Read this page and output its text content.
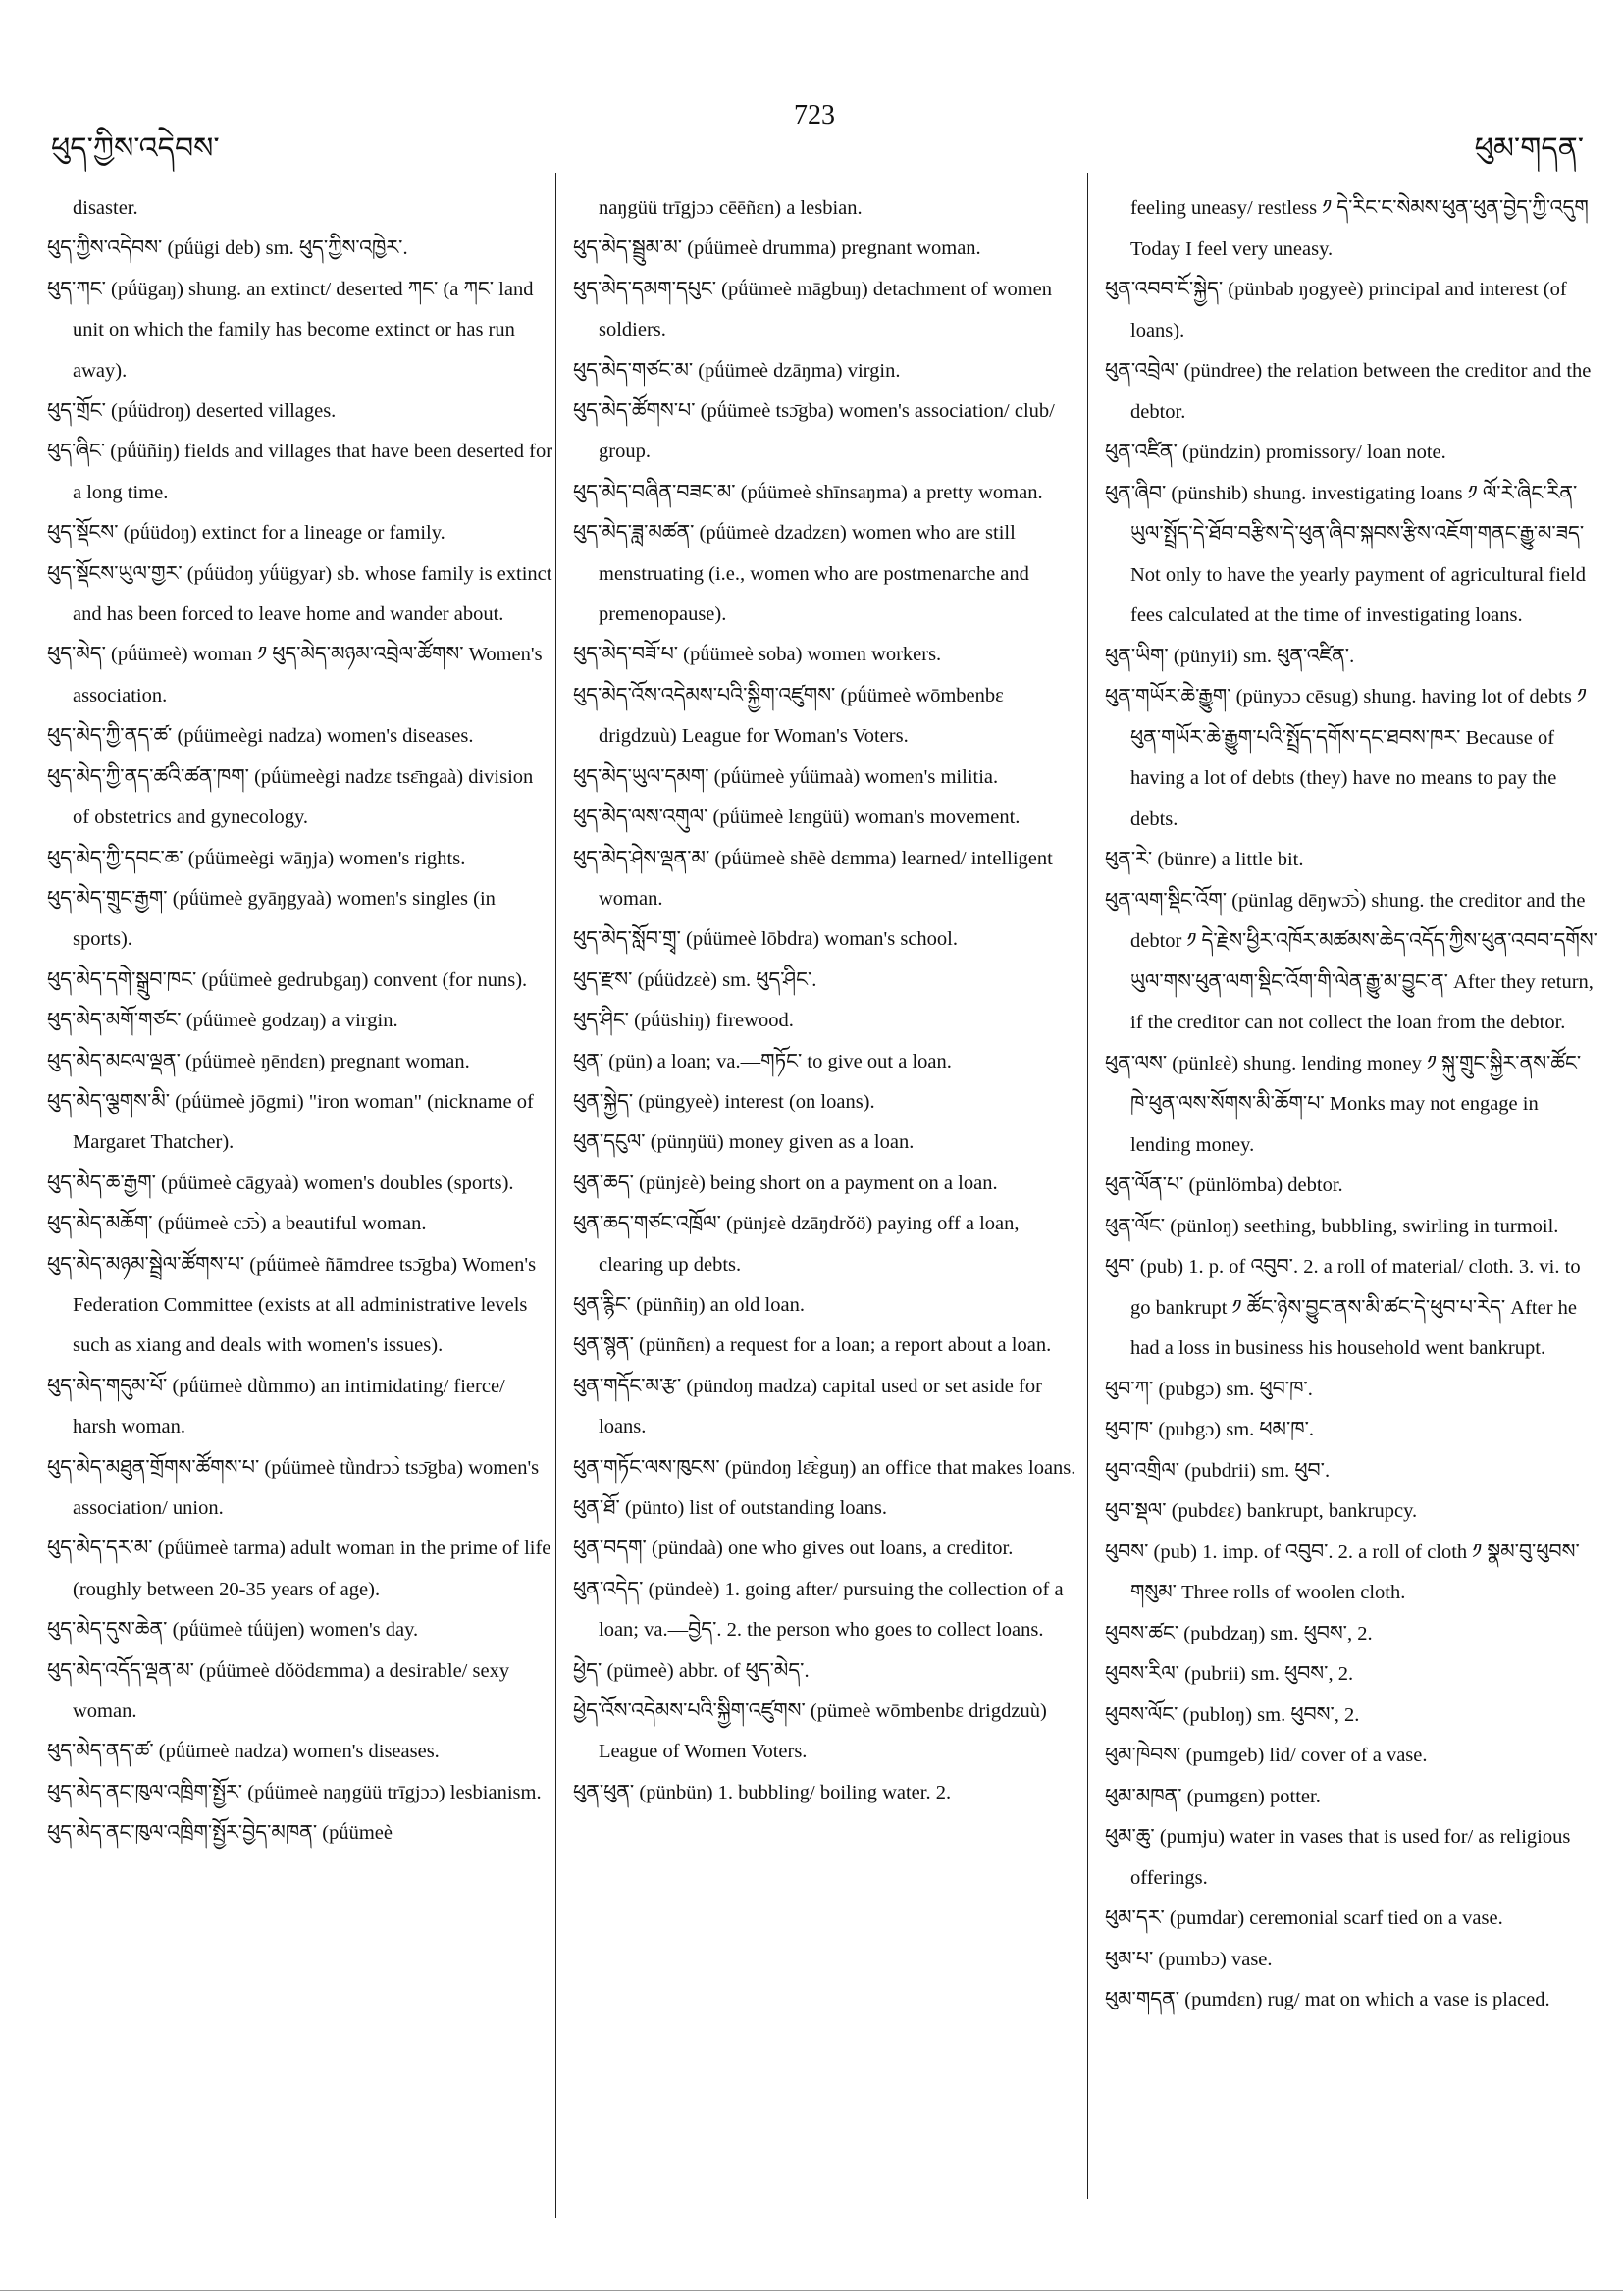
ཕུད་ཀྱིས་འདེབས་
723
ཕུམ་གདན་

disaster.

ཕུད་ཀྱིས་འདེབས་ (pǘügi deb) sm. ཕུད་ཀྱིས་འཁྱེར་.

ཕུད་ཀང་ (pǘügaŋ) shung. an extinct/ deserted ཀང་ (a ཀང་ land unit on which the family has become extinct or has run away).

ཕུད་གྲོང་ (pǘüdroŋ) deserted villages.

ཕུད་ཞིང་ (pǘüñiŋ) fields and villages that have been deserted for a long time.

ཕུད་སྡོངས་ (pǘüdoŋ) extinct for a lineage or family.

ཕུད་སྡོངས་ཡུལ་གྱར་ (pǘüdoŋ yǘügyar) sb. whose family is extinct and has been forced to leave home and wander about.

ཕུད་མེད་ (pǘümeè) woman ༡ ཕུད་མེད་མཉམ་འབྲེལ་ཚོགས་ Women's association.

ཕུད་མེད་ཀྱི་ནད་ཚ་ (pǘümeègi nadza) women's diseases.

ཕུད་མེད་ཀྱི་ནད་ཚའི་ཚན་ཁག་ (pǘümeègi nadzɛ tsɛ̄ngaà) division of obstetrics and gynecology.

ཕུད་མེད་ཀྱི་དབང་ཆ་ (pǘümeègi wāŋja) women's rights.

ཕུད་མེད་གྲུང་རྒྱག་ (pǘümeè gyāŋgyaà) women's singles (in sports).

ཕུད་མེད་དགེ་སྒྲུབ་ཁང་ (pǘümeè gedrubgaŋ) convent (for nuns).

ཕུད་མེད་མགོ་གཙང་ (pǘümeè godzaŋ) a virgin.

ཕུད་མེད་མངལ་ལྡན་ (pǘümeè ŋēndɛn) pregnant woman.

ཕུད་མེད་ལྕགས་མི་ (pǘümeè jōgmi) "iron woman" (nickname of Margaret Thatcher).

ཕུད་མེད་ཆ་རྒྱག་ (pǘümeè cāgyaà) women's doubles (sports).

ཕུད་མེད་མཆོག་ (pǘümeè cɔ̄ɔ̀) a beautiful woman.

ཕུད་མེད་མཉམ་སྦྲེལ་ཚོགས་པ་ (pǘümeè ñāmdree tsɔ̄gba) Women's Federation Committee (exists at all administrative levels such as xiang and deals with women's issues).

ཕུད་མེད་གདུམ་པོ་ (pǘümeè dǜmmo) an intimidating/ fierce/ harsh woman.

ཕུད་མེད་མཐུན་གྲོགས་ཚོགས་པ་ (pǘümeè tǜndrɔɔ̀ tsɔ̄gba) women's association/ union.

ཕུད་མེད་དར་མ་ (pǘümeè tarma) adult woman in the prime of life (roughly between 20-35 years of age).

ཕུད་མེད་དུས་ཆེན་ (pǘümeè tǘüjen) women's day.

ཕུད་མེད་འདོད་ལྡན་མ་ (pǘümeè dǒödɛmma) a desirable/ sexy woman.

ཕུད་མེད་ནད་ཚ་ (pǘümeè nadza) women's diseases.

ཕུད་མེད་ནང་ཁུལ་འཁྲིག་སྤྱོར་ (pǘümeè naŋgüü trīgjɔɔ) lesbianism.

ཕུད་མེད་ནང་ཁུལ་འཁྲིག་སྤྱོར་བྱེད་མཁན་ (pǘümeè

naŋgüü trīgjɔɔ cēēñɛn) a lesbian.

ཕུད་མེད་སྦྲུམ་མ་ (pǘümeè drumma) pregnant woman.

ཕུད་མེད་དམག་དཔུང་ (pǘümeè māgbuŋ) detachment of women soldiers.

ཕུད་མེད་གཙང་མ་ (pǘümeè dzāŋma) virgin.

ཕུད་མེད་ཚོགས་པ་ (pǘümeè tsɔ̄gba) women's association/ club/ group.

ཕུད་མེད་བཞིན་བཟང་མ་ (pǘümeè shīnsaŋma) a pretty woman.

ཕུད་མེད་ཟླ་མཚན་ (pǘümeè dzadzɛn) women who are still menstruating (i.e., women who are postmenarche and premenopause).

ཕུད་མེད་བཟོ་པ་ (pǘümeè soba) women workers.

ཕུད་མེད་འོས་འདེམས་པའི་སྐྱིག་འཛུགས་ (pǘümeè wōmbenbɛ drigdzuù) League for Woman's Voters.

ཕུད་མེད་ཡུལ་དམག་ (pǘümeè yǘümaà) women's militia.

ཕུད་མེད་ལས་འགུལ་ (pǘümeè lɛngüü) woman's movement.

ཕུད་མེད་ཤེས་ལྡན་མ་ (pǘümeè shēè dɛmma) learned/ intelligent woman.

ཕུད་མེད་སློབ་གྲྭ་ (pǘümeè lōbdra) woman's school.

ཕུད་རྫས་ (pǘüdzɛè) sm. ཕུད་ཤིང་.

ཕུད་ཤིང་ (pǘüshiŋ) firewood.

ཕུན་ (pün) a loan; va.—གཏོང་ to give out a loan.

ཕུན་སྐྱེད་ (püngyeè) interest (on loans).

ཕུན་དངུལ་ (pünŋüü) money given as a loan.

ཕུན་ཆད་ (pünjɛè) being short on a payment on a loan.

ཕུན་ཆད་གཙང་འཁྲོལ་ (pünjɛè dzāŋdrǒö) paying off a loan, clearing up debts.

ཕུན་རྙིང་ (pünñiŋ) an old loan.

ཕུན་སྙན་ (pünñɛn) a request for a loan; a report about a loan.

ཕུན་གདོང་མ་རྩ་ (pündoŋ madza) capital used or set aside for loans.

ཕུན་གཏོང་ལས་ཁུངས་ (pündoŋ lɛ̄ɛ̀guŋ) an office that makes loans.

ཕུན་ཐོ་ (pünto) list of outstanding loans.

ཕུན་བདག་ (pündaà) one who gives out loans, a creditor.

ཕུན་འདེད་ (pündeè) 1. going after/ pursuing the collection of a loan; va.—བྱེད་. 2. the person who goes to collect loans.

ཕྱེད་ (pümeè) abbr. of ཕུད་མེད་.

ཕྱེད་འོས་འདེམས་པའི་སྐྱིག་འཛུགས་ (pümeè wōmbenbɛ drigdzuù) League of Women Voters.

ཕུན་ཕུན་ (pünbün) 1. bubbling/ boiling water. 2.

feeling uneasy/ restless ༡ དེ་རིང་ང་སེམས་ཕུན་ཕུན་བྱེད་ཀྱི་འདུག Today I feel very uneasy.

ཕུན་འབབ་ངོ་སྐྱེད་ (pünbab ŋogyeè) principal and interest (of loans).

ཕུན་འབྲེལ་ (pündree) the relation between the creditor and the debtor.

ཕུན་འཛིན་ (pündzin) promissory/ loan note.

ཕུན་ཞིབ་ (pünshib) shung. investigating loans ༡ ལོ་རེ་ཞིང་རིན་ཡུལ་སྤྲོད་དེ་ཐོབ་བརྩིས་དེ་ཕུན་ཞིབ་སྐབས་རྩིས་འཇོག་གནང་རྒྱུ་མ་ཟད་ Not only to have the yearly payment of agricultural field fees calculated at the time of investigating loans.

ཕུན་ཡིག་ (pünyii) sm. ཕུན་འཛིན་.

ཕུན་གཡོར་ཆེ་རྒྱུག་ (pünyɔɔ cēsug) shung. having lot of debts ༡ ཕུན་གཡོར་ཆེ་རྒྱུག་པའི་སྤྲོད་དགོས་དང་ཐབས་ཁར་ Because of having a lot of debts (they) have no means to pay the debts.

ཕུན་རེ་ (bünre) a little bit.

ཕུན་ལག་སྡིང་འོག་ (pünlag dēŋwɔ̄ɔ̀) shung. the creditor and the debtor ༡ དེ་རྗེས་ཕྱིར་འཁོར་མཚམས་ཆེད་འདོད་ཀྱིས་ཕུན་འབབ་དགོས་ཡུལ་གས་ཕུན་ལག་སྡིང་འོག་གི་ལེན་རྒྱུ་མ་བྱུང་ན་ After they return, if the creditor can not collect the loan from the debtor.

ཕུན་ལས་ (pünlɛè) shung. lending money ༡ སྐུ་གྲུང་སྐྱིར་ནས་ཚོང་ཁེ་ཕུན་ལས་སོགས་མི་ཆོག་པ་ Monks may not engage in lending money.

ཕུན་ལོན་པ་ (pünlömba) debtor.

ཕུན་ལོང་ (pünloŋ) seething, bubbling, swirling in turmoil.

ཕུབ་ (pub) 1. p. of འབུབ་. 2. a roll of material/ cloth. 3. vi. to go bankrupt ༡ ཚོང་ཉེས་བྱུང་ནས་མི་ཚང་དེ་ཕུབ་པ་རེད་ After he had a loss in business his household went bankrupt.

ཕུབ་ཀ་ (pubgɔ) sm. ཕུབ་ཁ་.

ཕུབ་ཁ་ (pubgɔ) sm. ཕམ་ཁ་.

ཕུབ་འགྲིལ་ (pubdrii) sm. ཕུབ་.

ཕུབ་སྡལ་ (pubdɛɛ) bankrupt, bankrupcy.

ཕུབས་ (pub) 1. imp. of འབུབ་. 2. a roll of cloth ༡ སྣམ་བུ་ཕུབས་གསུམ་ Three rolls of woolen cloth.

ཕུབས་ཚང་ (pubdzaŋ) sm. ཕུབས་, 2.

ཕུབས་རིལ་ (pubrii) sm. ཕུབས་, 2.

ཕུབས་ལོང་ (publoŋ) sm. ཕུབས་, 2.

ཕུམ་ཁེབས་ (pumgeb) lid/ cover of a vase.

ཕུམ་མཁན་ (pumgɛn) potter.

ཕུམ་ཆུ་ (pumju) water in vases that is used for/ as religious offerings.

ཕུམ་དར་ (pumdar) ceremonial scarf tied on a vase.

ཕུམ་པ་ (pumbɔ) vase.

ཕུམ་གདན་ (pumdɛn) rug/ mat on which a vase is placed.
